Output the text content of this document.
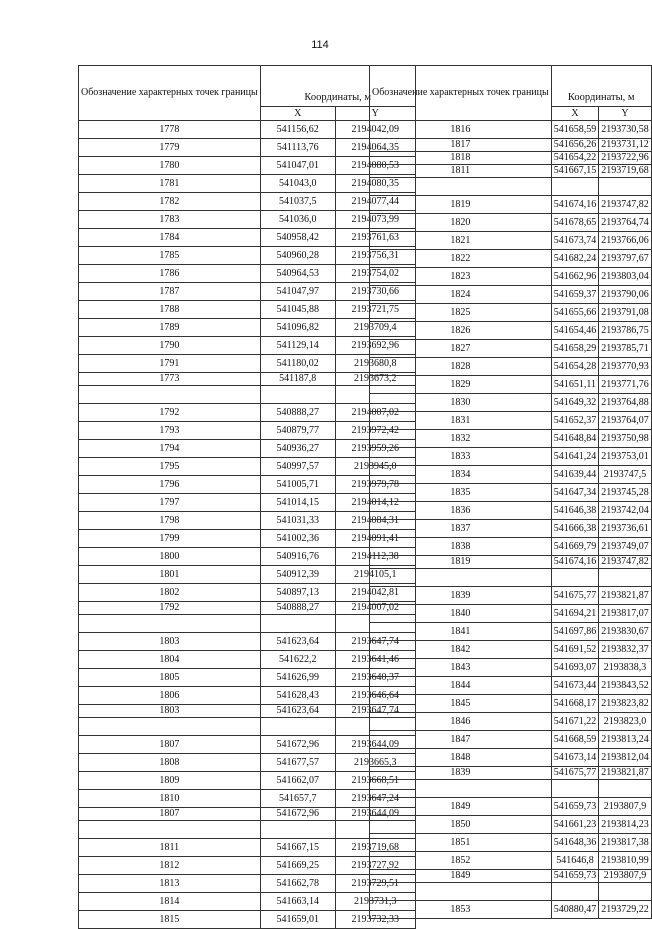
114
Обозначение характерных точек границы	Координаты, м	
	X	Y
1778	541156,62	2194042,09
1779	541113,76	2194064,35
1780	541047,01	2194080,53
1781	541043,0	2194080,35
1782	541037,5	2194077,44
1783	541036,0	2194073,99
1784	540958,42	2193761,63
1785	540960,28	2193756,31
1786	540964,53	2193754,02
1787	541047,97	2193730,66
1788	541045,88	2193721,75
1789	541096,82	2193709,4
1790	541129,14	2193692,96
1791	541180,02	2193680,8
1773	541187,8	2193673,2

1792	540888,27	2194007,02
1793	540879,77	2193972,42
1794	540936,27	2193959,26
1795	540997,57	2193945,0
1796	541005,71	2193979,78
1797	541014,15	2194014,12
1798	541031,33	2194084,31
1799	541002,36	2194091,41
1800	540916,76	2194112,38
1801	540912,39	2194105,1
1802	540897,13	2194042,81
1792	540888,27	2194007,02

1803	541623,64	2193647,74
1804	541622,2	2193641,46
1805	541626,99	2193640,37
1806	541628,43	2193646,64
1803	541623,64	2193647,74

1807	541672,96	2193644,09
1808	541677,57	2193665,3
1809	541662,07	2193668,51
1810	541657,7	2193647,24
1807	541672,96	2193644,09

1811	541667,15	2193719,68
1812	541669,25	2193727,92
1813	541662,78	2193729,51
1814	541663,14	2193731,3
1815	541659,01	2193732,33
Обозначение характерных точек границы	Координаты, м	
	X	Y
1816	541658,59	2193730,58
1817	541656,26	2193731,12
1818	541654,22	2193722,96
1811	541667,15	2193719,68

1819	541674,16	2193747,82
1820	541678,65	2193764,74
1821	541673,74	2193766,06
1822	541682,24	2193797,67
1823	541662,96	2193803,04
1824	541659,37	2193790,06
1825	541655,66	2193791,08
1826	541654,46	2193786,75
1827	541658,29	2193785,71
1828	541654,28	2193770,93
1829	541651,11	2193771,76
1830	541649,32	2193764,88
1831	541652,37	2193764,07
1832	541648,84	2193750,98
1833	541641,24	2193753,01
1834	541639,44	2193747,5
1835	541647,34	2193745,28
1836	541646,38	2193742,04
1837	541666,38	2193736,61
1838	541669,79	2193749,07
1819	541674,16	2193747,82

1839	541675,77	2193821,87
1840	541694,21	2193817,07
1841	541697,86	2193830,67
1842	541691,52	2193832,37
1843	541693,07	2193838,3
1844	541673,44	2193843,52
1845	541668,17	2193823,82
1846	541671,22	2193823,0
1847	541668,59	2193813,24
1848	541673,14	2193812,04
1839	541675,77	2193821,87

1849	541659,73	2193807,9
1850	541661,23	2193814,23
1851	541648,36	2193817,38
1852	541646,8	2193810,99
1849	541659,73	2193807,9

1853	540880,47	2193729,22
